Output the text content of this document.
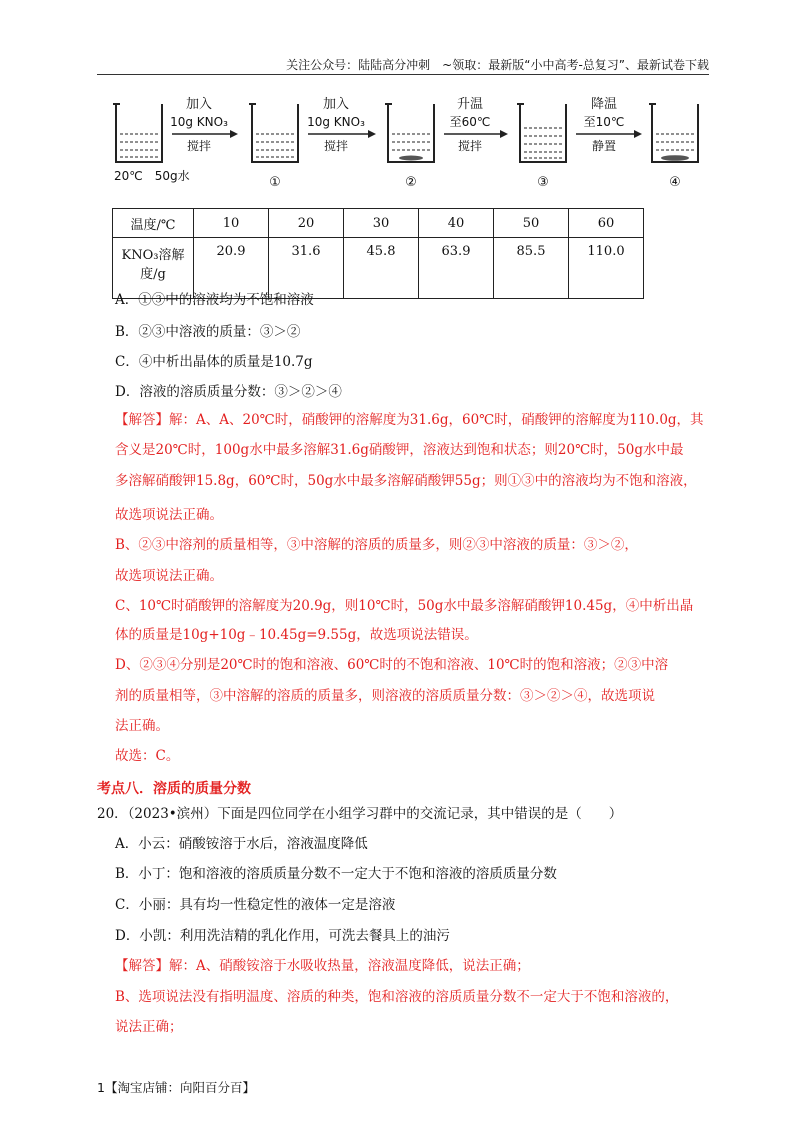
关注公众号：陆陆高分冲刺　~领取：最新版“小中高考-总复习”、最新试卷下载
20℃　50g水
加入
10g KNO₃
搅拌
①
加入
10g KNO₃
搅拌
②
升温
至60℃
搅拌
③
降温
至10℃
静置
④
温度/℃	10	20	30	40	50	60

KNO₃溶解
度/g	20.9	31.6	45.8	63.9	85.5	110.0
A．①③中的溶液均为不饱和溶液
B．②③中溶液的质量：③＞②
C．④中析出晶体的质量是10.7g
D．溶液的溶质质量分数：③＞②＞④
【解答】解：A、A、20℃时，硝酸钾的溶解度为31.6g，60℃时，硝酸钾的溶解度为110.0g，其
含义是20℃时，100g水中最多溶解31.6g硝酸钾，溶液达到饱和状态；则20℃时，50g水中最
多溶解硝酸钾15.8g，60℃时，50g水中最多溶解硝酸钾55g；则①③中的溶液均为不饱和溶液，
故选项说法正确。
B、②③中溶剂的质量相等，③中溶解的溶质的质量多，则②③中溶液的质量：③＞②，
故选项说法正确。
C、10℃时硝酸钾的溶解度为20.9g，则10℃时，50g水中最多溶解硝酸钾10.45g，④中析出晶
体的质量是10g+10g﹣10.45g=9.55g，故选项说法错误。
D、②③④分别是20℃时的饱和溶液、60℃时的不饱和溶液、10℃时的饱和溶液；②③中溶
剂的质量相等，③中溶解的溶质的质量多，则溶液的溶质质量分数：③＞②＞④，故选项说
法正确。
故选：C。
考点八．溶质的质量分数
20．（2023•滨州）下面是四位同学在小组学习群中的交流记录，其中错误的是（　　）
A．小云：硝酸铵溶于水后，溶液温度降低
B．小丁：饱和溶液的溶质质量分数不一定大于不饱和溶液的溶质质量分数
C．小丽：具有均一性稳定性的液体一定是溶液
D．小凯：利用洗洁精的乳化作用，可洗去餐具上的油污
【解答】解：A、硝酸铵溶于水吸收热量，溶液温度降低，说法正确；
B、选项说法没有指明温度、溶质的种类，饱和溶液的溶质质量分数不一定大于不饱和溶液的，
说法正确；
1【淘宝店铺：向阳百分百】
